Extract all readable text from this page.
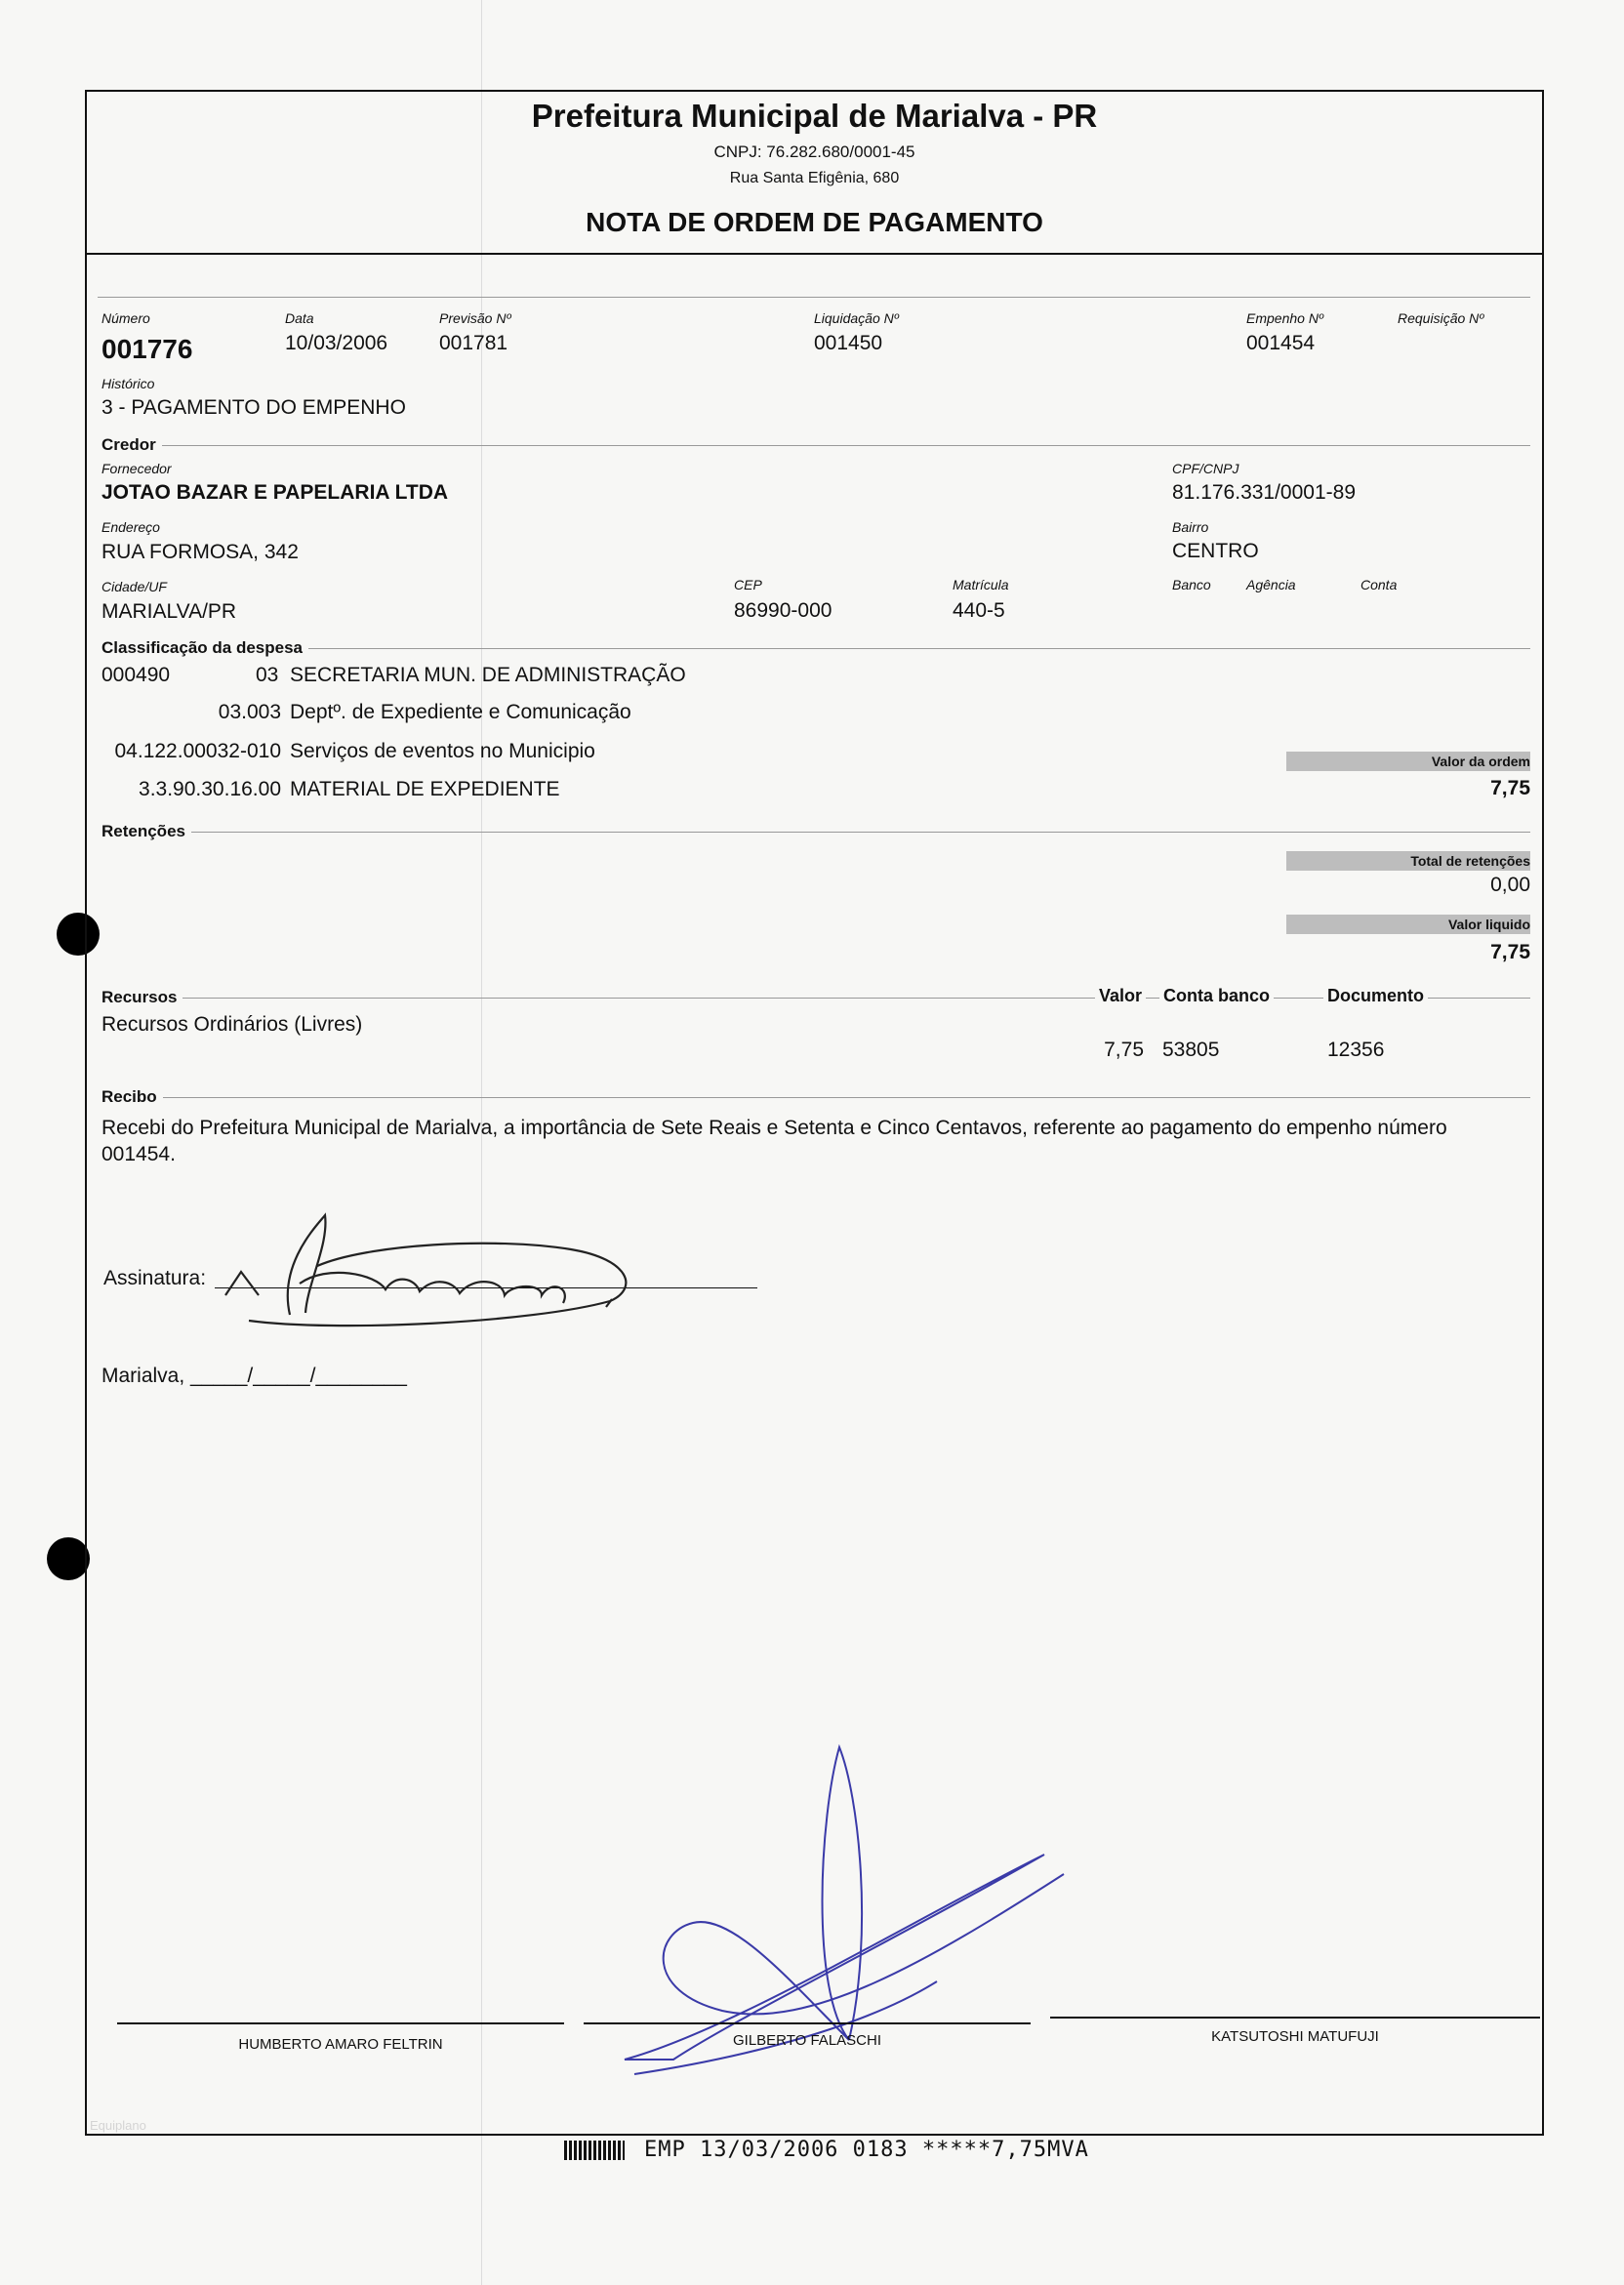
Prefeitura Municipal de Marialva - PR
CNPJ: 76.282.680/0001-45
Rua Santa Efigênia, 680
NOTA DE ORDEM DE PAGAMENTO
Número
001776
Data
10/03/2006
Previsão Nº
001781
Liquidação Nº
001450
Empenho Nº
001454
Requisição Nº
Histórico
3 - PAGAMENTO DO EMPENHO
Credor
Fornecedor
JOTAO BAZAR E PAPELARIA LTDA
CPF/CNPJ
81.176.331/0001-89
Endereço
RUA FORMOSA, 342
Bairro
CENTRO
Cidade/UF
MARIALVA/PR
CEP
86990-000
Matrícula
440-5
Banco	Agência	Conta
Classificação da despesa
000490	03 SECRETARIA MUN. DE ADMINISTRAÇÃO
03.003 Deptº. de Expediente e Comunicação
04.122.00032-010 Serviços de eventos no Municipio
3.3.90.30.16.00 MATERIAL DE EXPEDIENTE
Valor da ordem
7,75
Retenções
Total de retenções
0,00
Valor liquido
7,75
Recursos	Valor Conta banco	Documento
Recursos Ordinários (Livres)
7,75 53805	12356
Recibo
Recebi do Prefeitura Municipal de Marialva, a importância de Sete Reais e Setenta e Cinco Centavos, referente ao pagamento do empenho número 001454.
Assinatura:
Marialva, _____/_____/________
HUMBERTO AMARO FELTRIN	GILBERTO FALASCHI	KATSUTOSHI MATUFUJI
Equiplano
EMP 13/03/2006 0183 *****7,75MVA
